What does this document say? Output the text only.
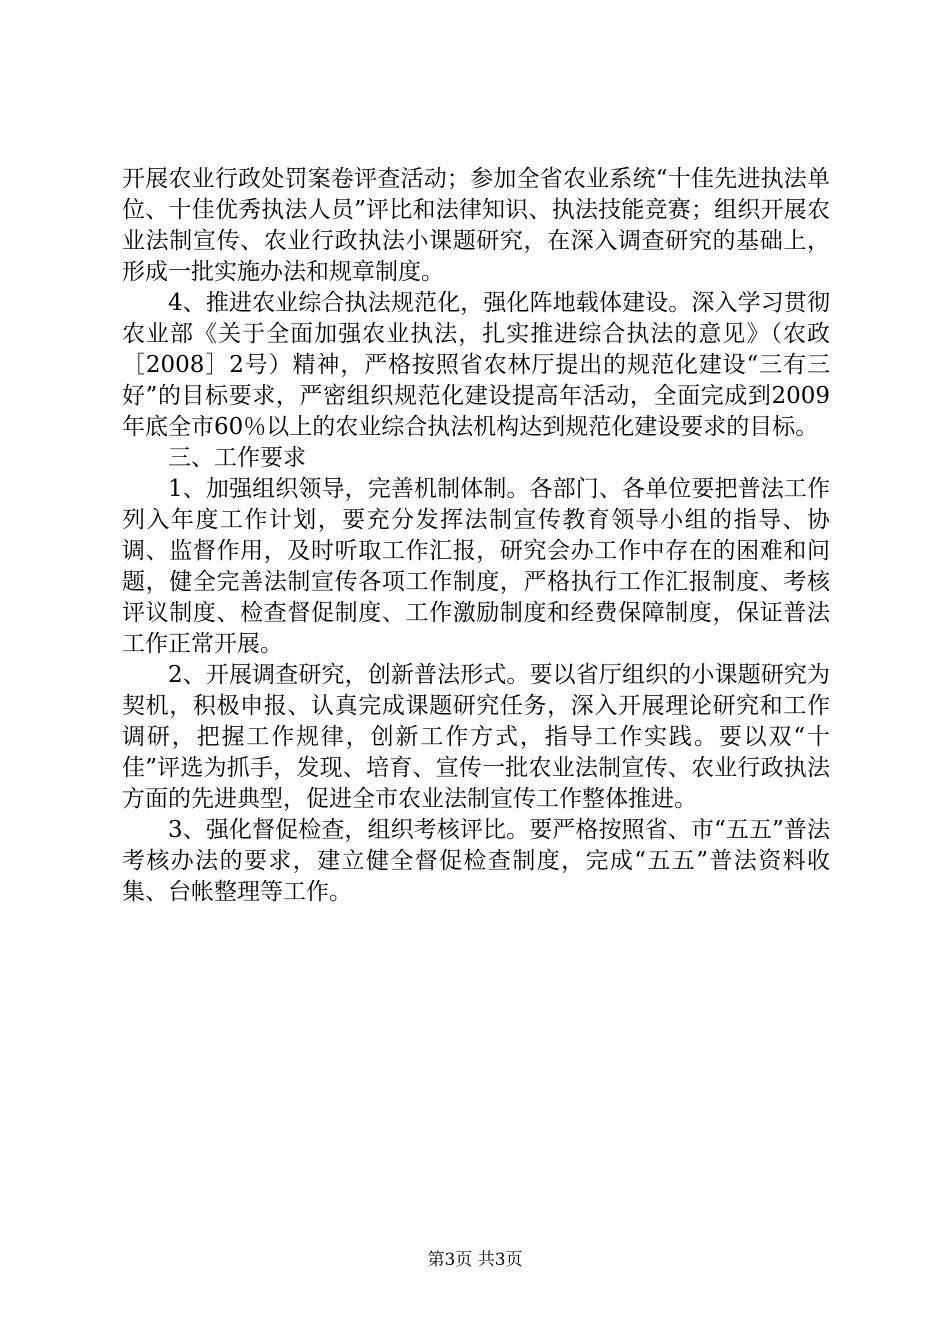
开展农业行政处罚案卷评查活动；参加全省农业系统“十佳先进执法单位、十佳优秀执法人员”评比和法律知识、执法技能竞赛；组织开展农业法制宣传、农业行政执法小课题研究，在深入调查研究的基础上，形成一批实施办法和规章制度。

4、推进农业综合执法规范化，强化阵地载体建设。深入学习贯彻农业部《关于全面加强农业执法，扎实推进综合执法的意见》（农政［2008］2号）精神，严格按照省农林厅提出的规范化建设“三有三好”的目标要求，严密组织规范化建设提高年活动，全面完成到2009年底全市60％以上的农业综合执法机构达到规范化建设要求的目标。

三、工作要求

1、加强组织领导，完善机制体制。各部门、各单位要把普法工作列入年度工作计划，要充分发挥法制宣传教育领导小组的指导、协调、监督作用，及时听取工作汇报，研究会办工作中存在的困难和问题，健全完善法制宣传各项工作制度，严格执行工作汇报制度、考核评议制度、检查督促制度、工作激励制度和经费保障制度，保证普法工作正常开展。

2、开展调查研究，创新普法形式。要以省厅组织的小课题研究为契机，积极申报、认真完成课题研究任务，深入开展理论研究和工作调研，把握工作规律，创新工作方式，指导工作实践。要以双“十佳”评选为抓手，发现、培育、宣传一批农业法制宣传、农业行政执法方面的先进典型，促进全市农业法制宣传工作整体推进。

3、强化督促检查，组织考核评比。要严格按照省、市“五五”普法考核办法的要求，建立健全督促检查制度，完成“五五”普法资料收集、台帐整理等工作。

第3页 共3页
